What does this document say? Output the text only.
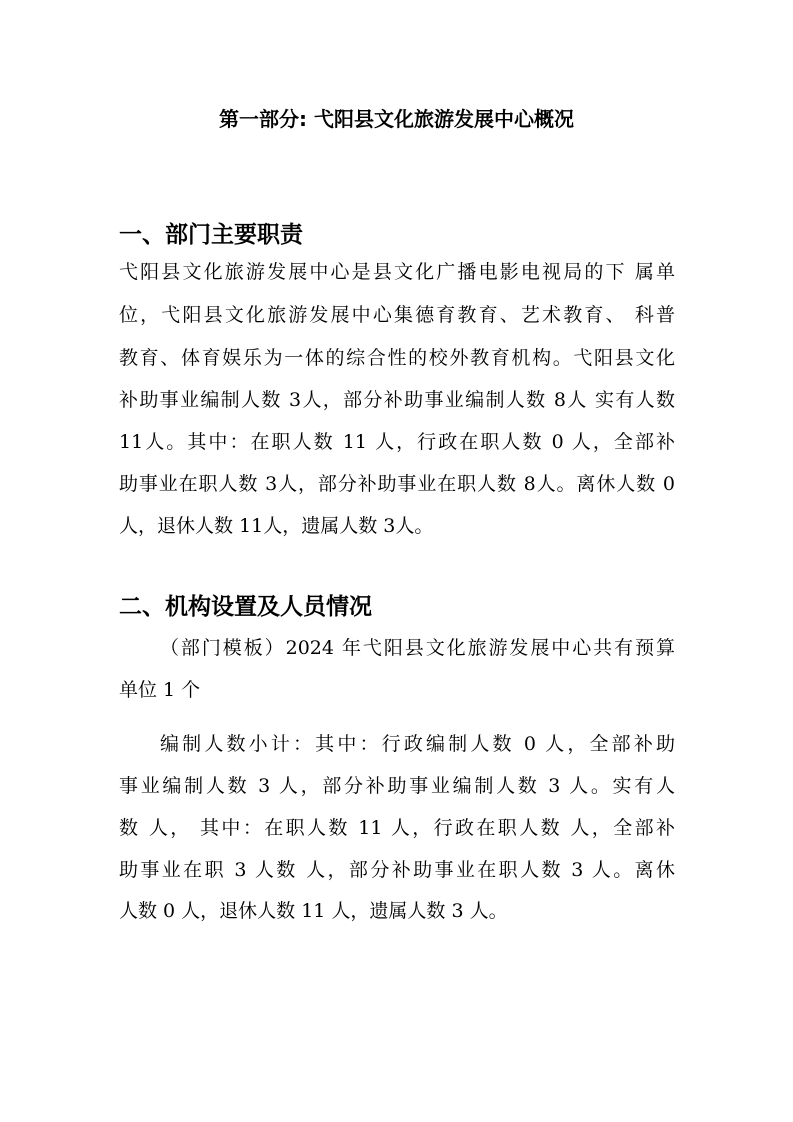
第一部分: 弋阳县文化旅游发展中心概况
一、部门主要职责
弋阳县文化旅游发展中心是县文化广播电影电视局的下 属单
位，弋阳县文化旅游发展中心集德育教育、艺术教育、 科普
教育、体育娱乐为一体的综合性的校外教育机构。弋阳县文化
补助事业编制人数 3人，部分补助事业编制人数 8人 实有人数
11人。其中：在职人数 11 人，行政在职人数 0 人，全部补
助事业在职人数 3人，部分补助事业在职人数 8人。离休人数 0
人，退休人数 11人，遗属人数 3人。
二、机构设置及人员情况
（部门模板）2024 年弋阳县文化旅游发展中心共有预算
单位 1 个
编制人数小计：其中：行政编制人数 0 人，全部补助
事业编制人数 3 人，部分补助事业编制人数 3 人。实有人
数 人， 其中：在职人数 11 人，行政在职人数 人，全部补
助事业在职 3 人数 人，部分补助事业在职人数 3 人。离休
人数 0 人，退休人数 11 人，遗属人数 3 人。
